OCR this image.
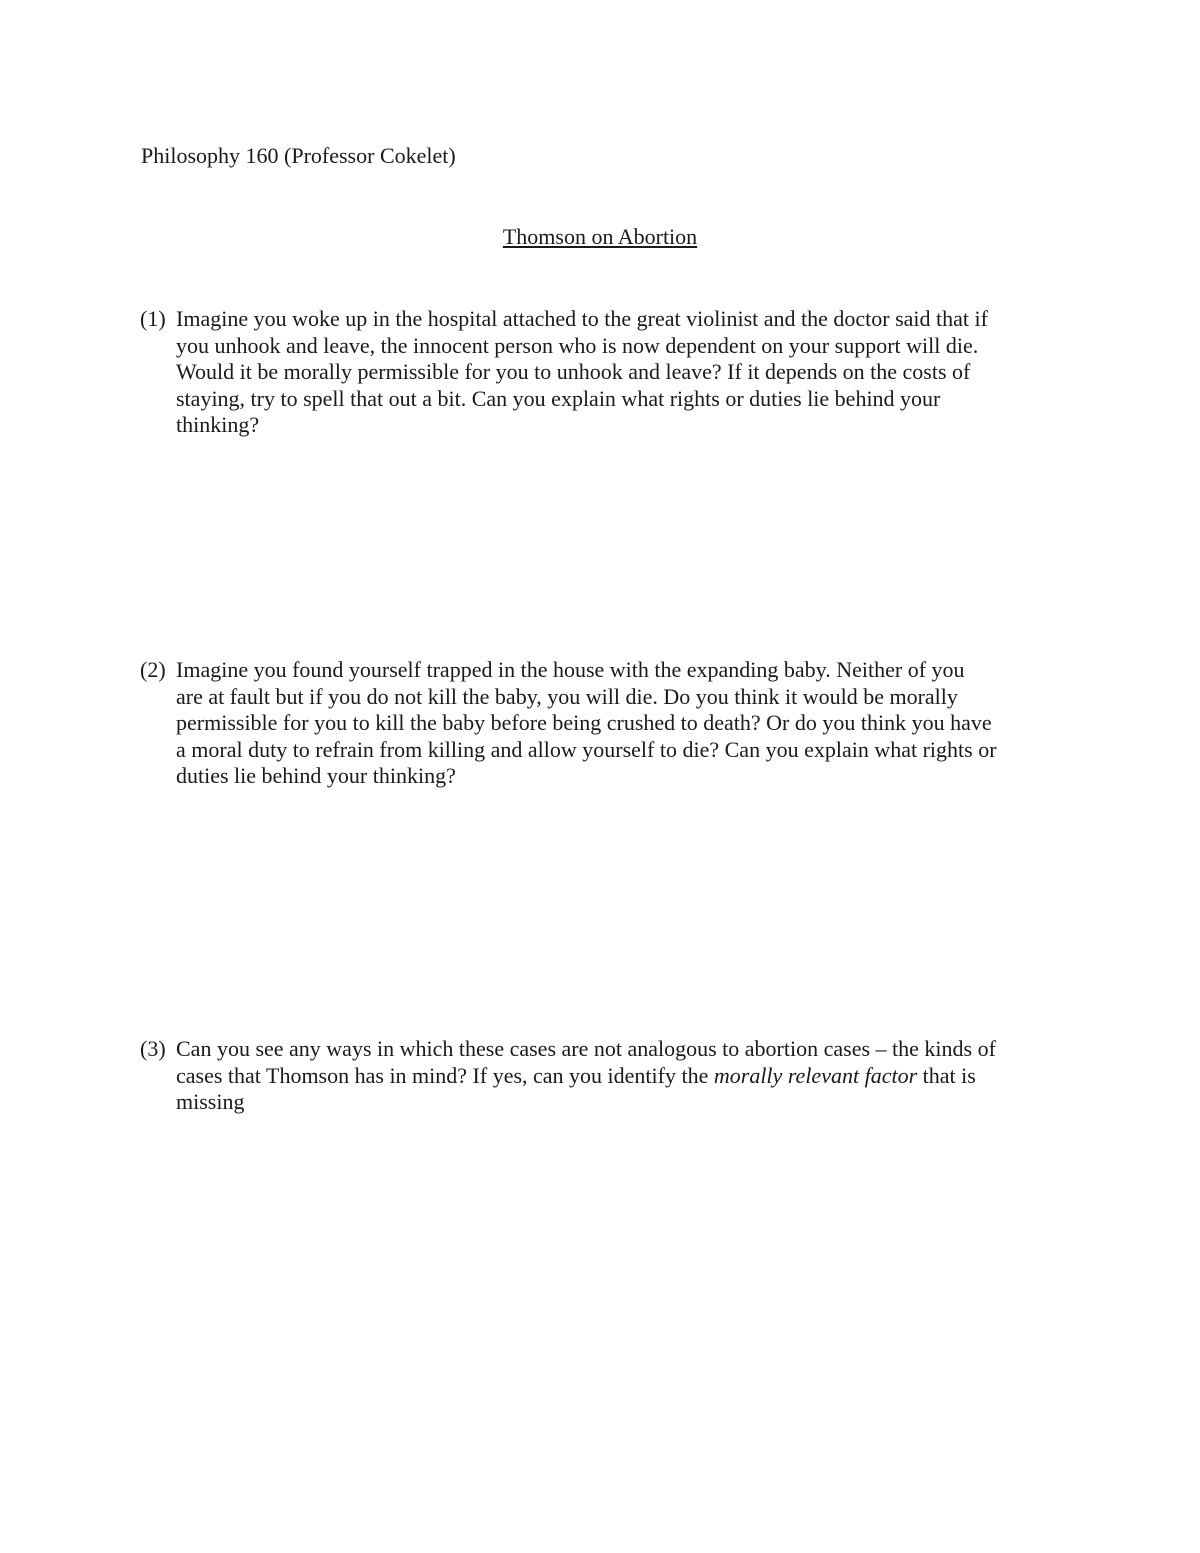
Philosophy 160 (Professor Cokelet)
Thomson on Abortion
(1) Imagine you woke up in the hospital attached to the great violinist and the doctor said that if
you unhook and leave, the innocent person who is now dependent on your support will die.
Would it be morally permissible for you to unhook and leave? If it depends on the costs of
staying, try to spell that out a bit. Can you explain what rights or duties lie behind your
thinking?
(2) Imagine you found yourself trapped in the house with the expanding baby. Neither of you
are at fault but if you do not kill the baby, you will die. Do you think it would be morally
permissible for you to kill the baby before being crushed to death? Or do you think you have
a moral duty to refrain from killing and allow yourself to die? Can you explain what rights or
duties lie behind your thinking?
(3) Can you see any ways in which these cases are not analogous to abortion cases – the kinds of
cases that Thomson has in mind? If yes, can you identify the morally relevant factor that is
missing
